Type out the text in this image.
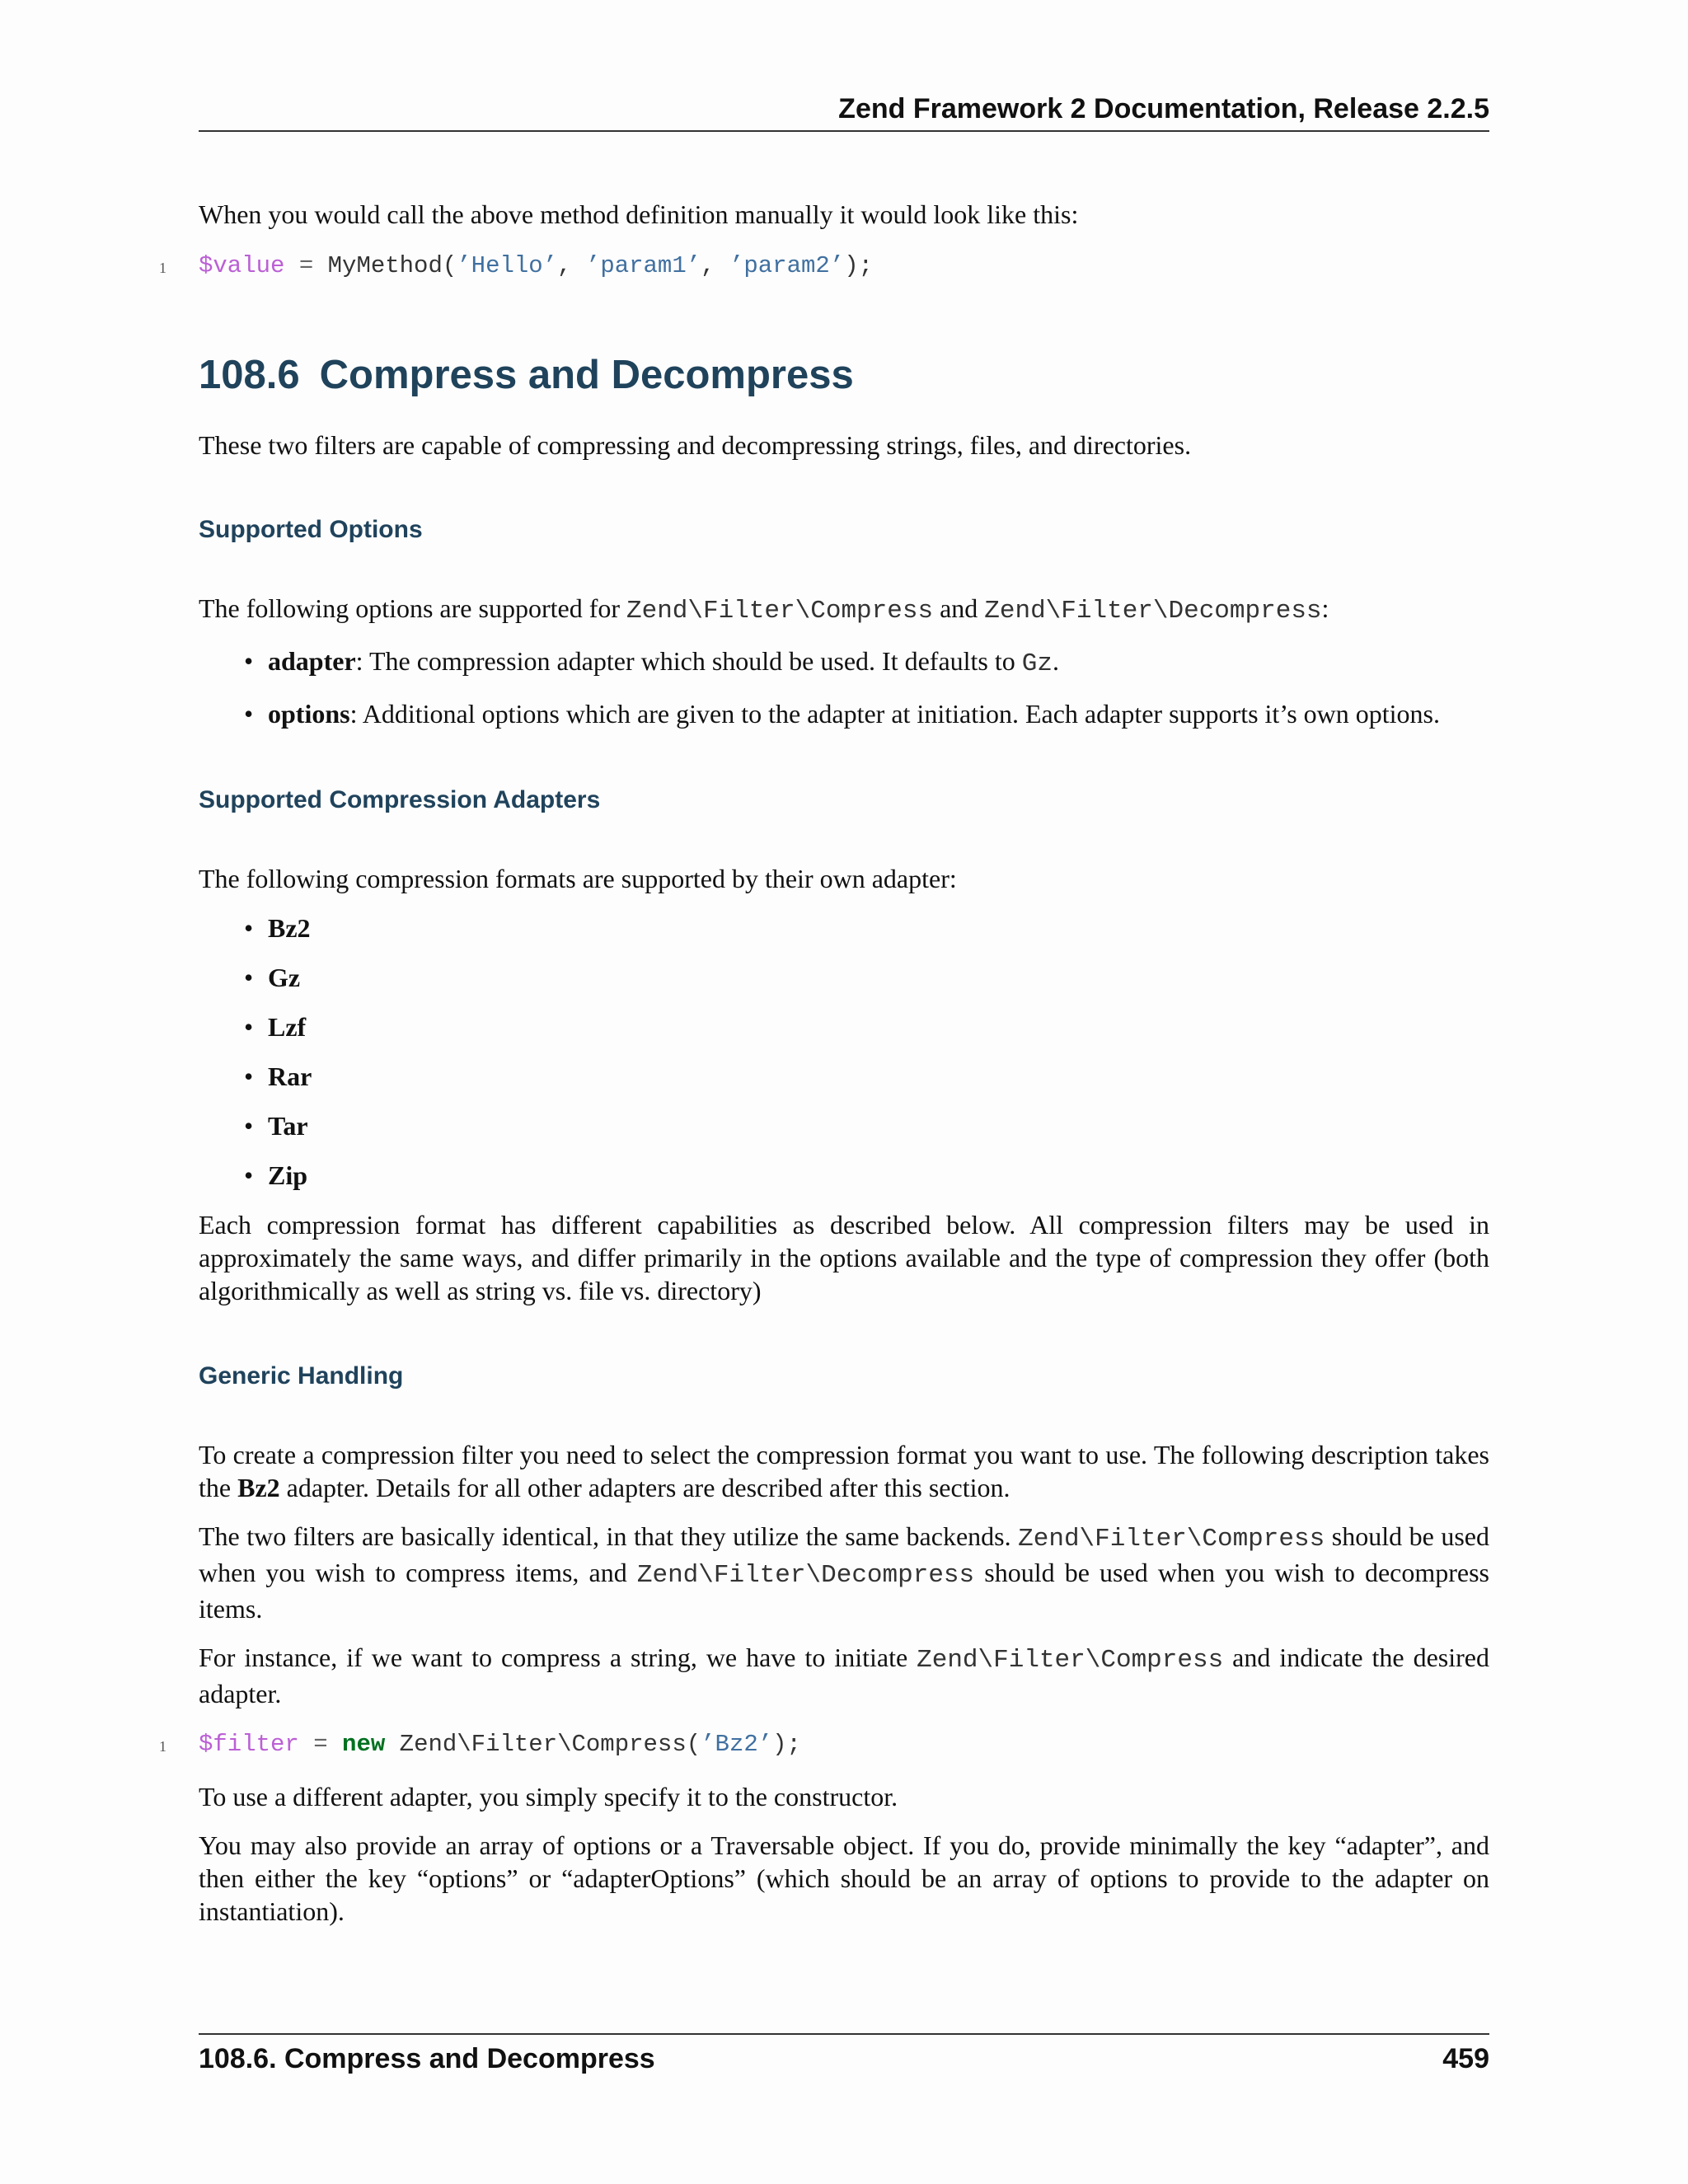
Zend Framework 2 Documentation, Release 2.2.5

When you would call the above method definition manually it would look like this:

1 $value = MyMethod(’Hello’, ’param1’, ’param2’);
108.6 Compress and Decompress

These two filters are capable of compressing and decompressing strings, files, and directories.

Supported Options

The following options are supported for Zend\Filter\Compress and Zend\Filter\Decompress:

• adapter: The compression adapter which should be used. It defaults to Gz.
• options: Additional options which are given to the adapter at initiation. Each adapter supports it’s own options.
Supported Compression Adapters

The following compression formats are supported by their own adapter:

• Bz2
• Gz
• Lzf
• Rar
• Tar
• Zip

Each compression format has different capabilities as described below. All compression filters may be used in approximately the same ways, and differ primarily in the options available and the type of compression they offer (both algorithmically as well as string vs. file vs. directory)

Generic Handling

To create a compression filter you need to select the compression format you want to use. The following description takes the Bz2 adapter. Details for all other adapters are described after this section.

The two filters are basically identical, in that they utilize the same backends. Zend\Filter\Compress should be used when you wish to compress items, and Zend\Filter\Decompress should be used when you wish to decompress items.

For instance, if we want to compress a string, we have to initiate Zend\Filter\Compress and indicate the desired adapter.

1 $filter = new Zend\Filter\Compress(’Bz2’);

To use a different adapter, you simply specify it to the constructor.

You may also provide an array of options or a Traversable object. If you do, provide minimally the key “adapter”, and then either the key “options” or “adapterOptions” (which should be an array of options to provide to the adapter on instantiation).

108.6. Compress and Decompress	459
